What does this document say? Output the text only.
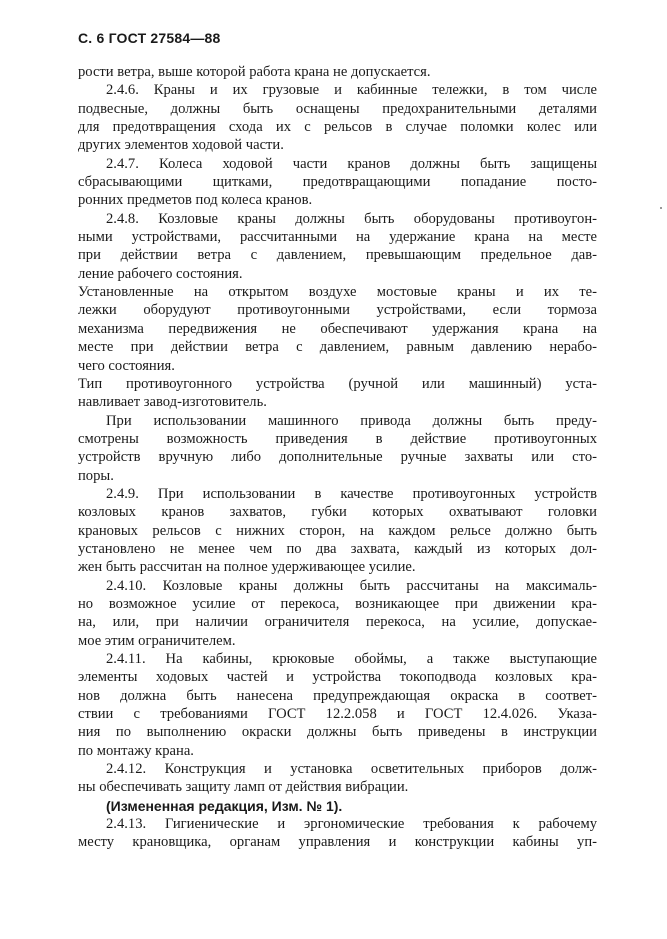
С. 6 ГОСТ 27584—88
рости ветра, выше которой работа крана не допускается.
2.4.6. Краны и их грузовые и кабинные тележки, в том числе
подвесные, должны быть оснащены предохранительными деталями
для предотвращения схода их с рельсов в случае поломки колес или
других элементов ходовой части.
2.4.7. Колеса ходовой части кранов должны быть защищены
сбрасывающими щитками, предотвращающими попадание посто-
ронних предметов под колеса кранов.
2.4.8. Козловые краны должны быть оборудованы противоугон-
ными устройствами, рассчитанными на удержание крана на месте
при действии ветра с давлением, превышающим предельное дав-
ление рабочего состояния.
Установленные на открытом воздухе мостовые краны и их те-
лежки оборудуют противоугонными устройствами, если тормоза
механизма передвижения не обеспечивают удержания крана на
месте при действии ветра с давлением, равным давлению нерабо-
чего состояния.
Тип противоугонного устройства (ручной или машинный) уста-
навливает завод-изготовитель.
При использовании машинного привода должны быть преду-
смотрены возможность приведения в действие противоугонных
устройств вручную либо дополнительные ручные захваты или сто-
поры.
2.4.9. При использовании в качестве противоугонных устройств
козловых кранов захватов, губки которых охватывают головки
крановых рельсов с нижних сторон, на каждом рельсе должно быть
установлено не менее чем по два захвата, каждый из которых дол-
жен быть рассчитан на полное удерживающее усилие.
2.4.10. Козловые краны должны быть рассчитаны на максималь-
но возможное усилие от перекоса, возникающее при движении кра-
на, или, при наличии ограничителя перекоса, на усилие, допускае-
мое этим ограничителем.
2.4.11. На кабины, крюковые обоймы, а также выступающие
элементы ходовых частей и устройства токоподвода козловых кра-
нов должна быть нанесена предупреждающая окраска в соответ-
ствии с требованиями ГОСТ 12.2.058 и ГОСТ 12.4.026. Указа-
ния по выполнению окраски должны быть приведены в инструкции
по монтажу крана.
2.4.12. Конструкция и установка осветительных приборов долж-
ны обеспечивать защиту ламп от действия вибрации.
(Измененная редакция, Изм. № 1).
2.4.13. Гигиенические и эргономические требования к рабочему
месту крановщика, органам управления и конструкции кабины уп-
